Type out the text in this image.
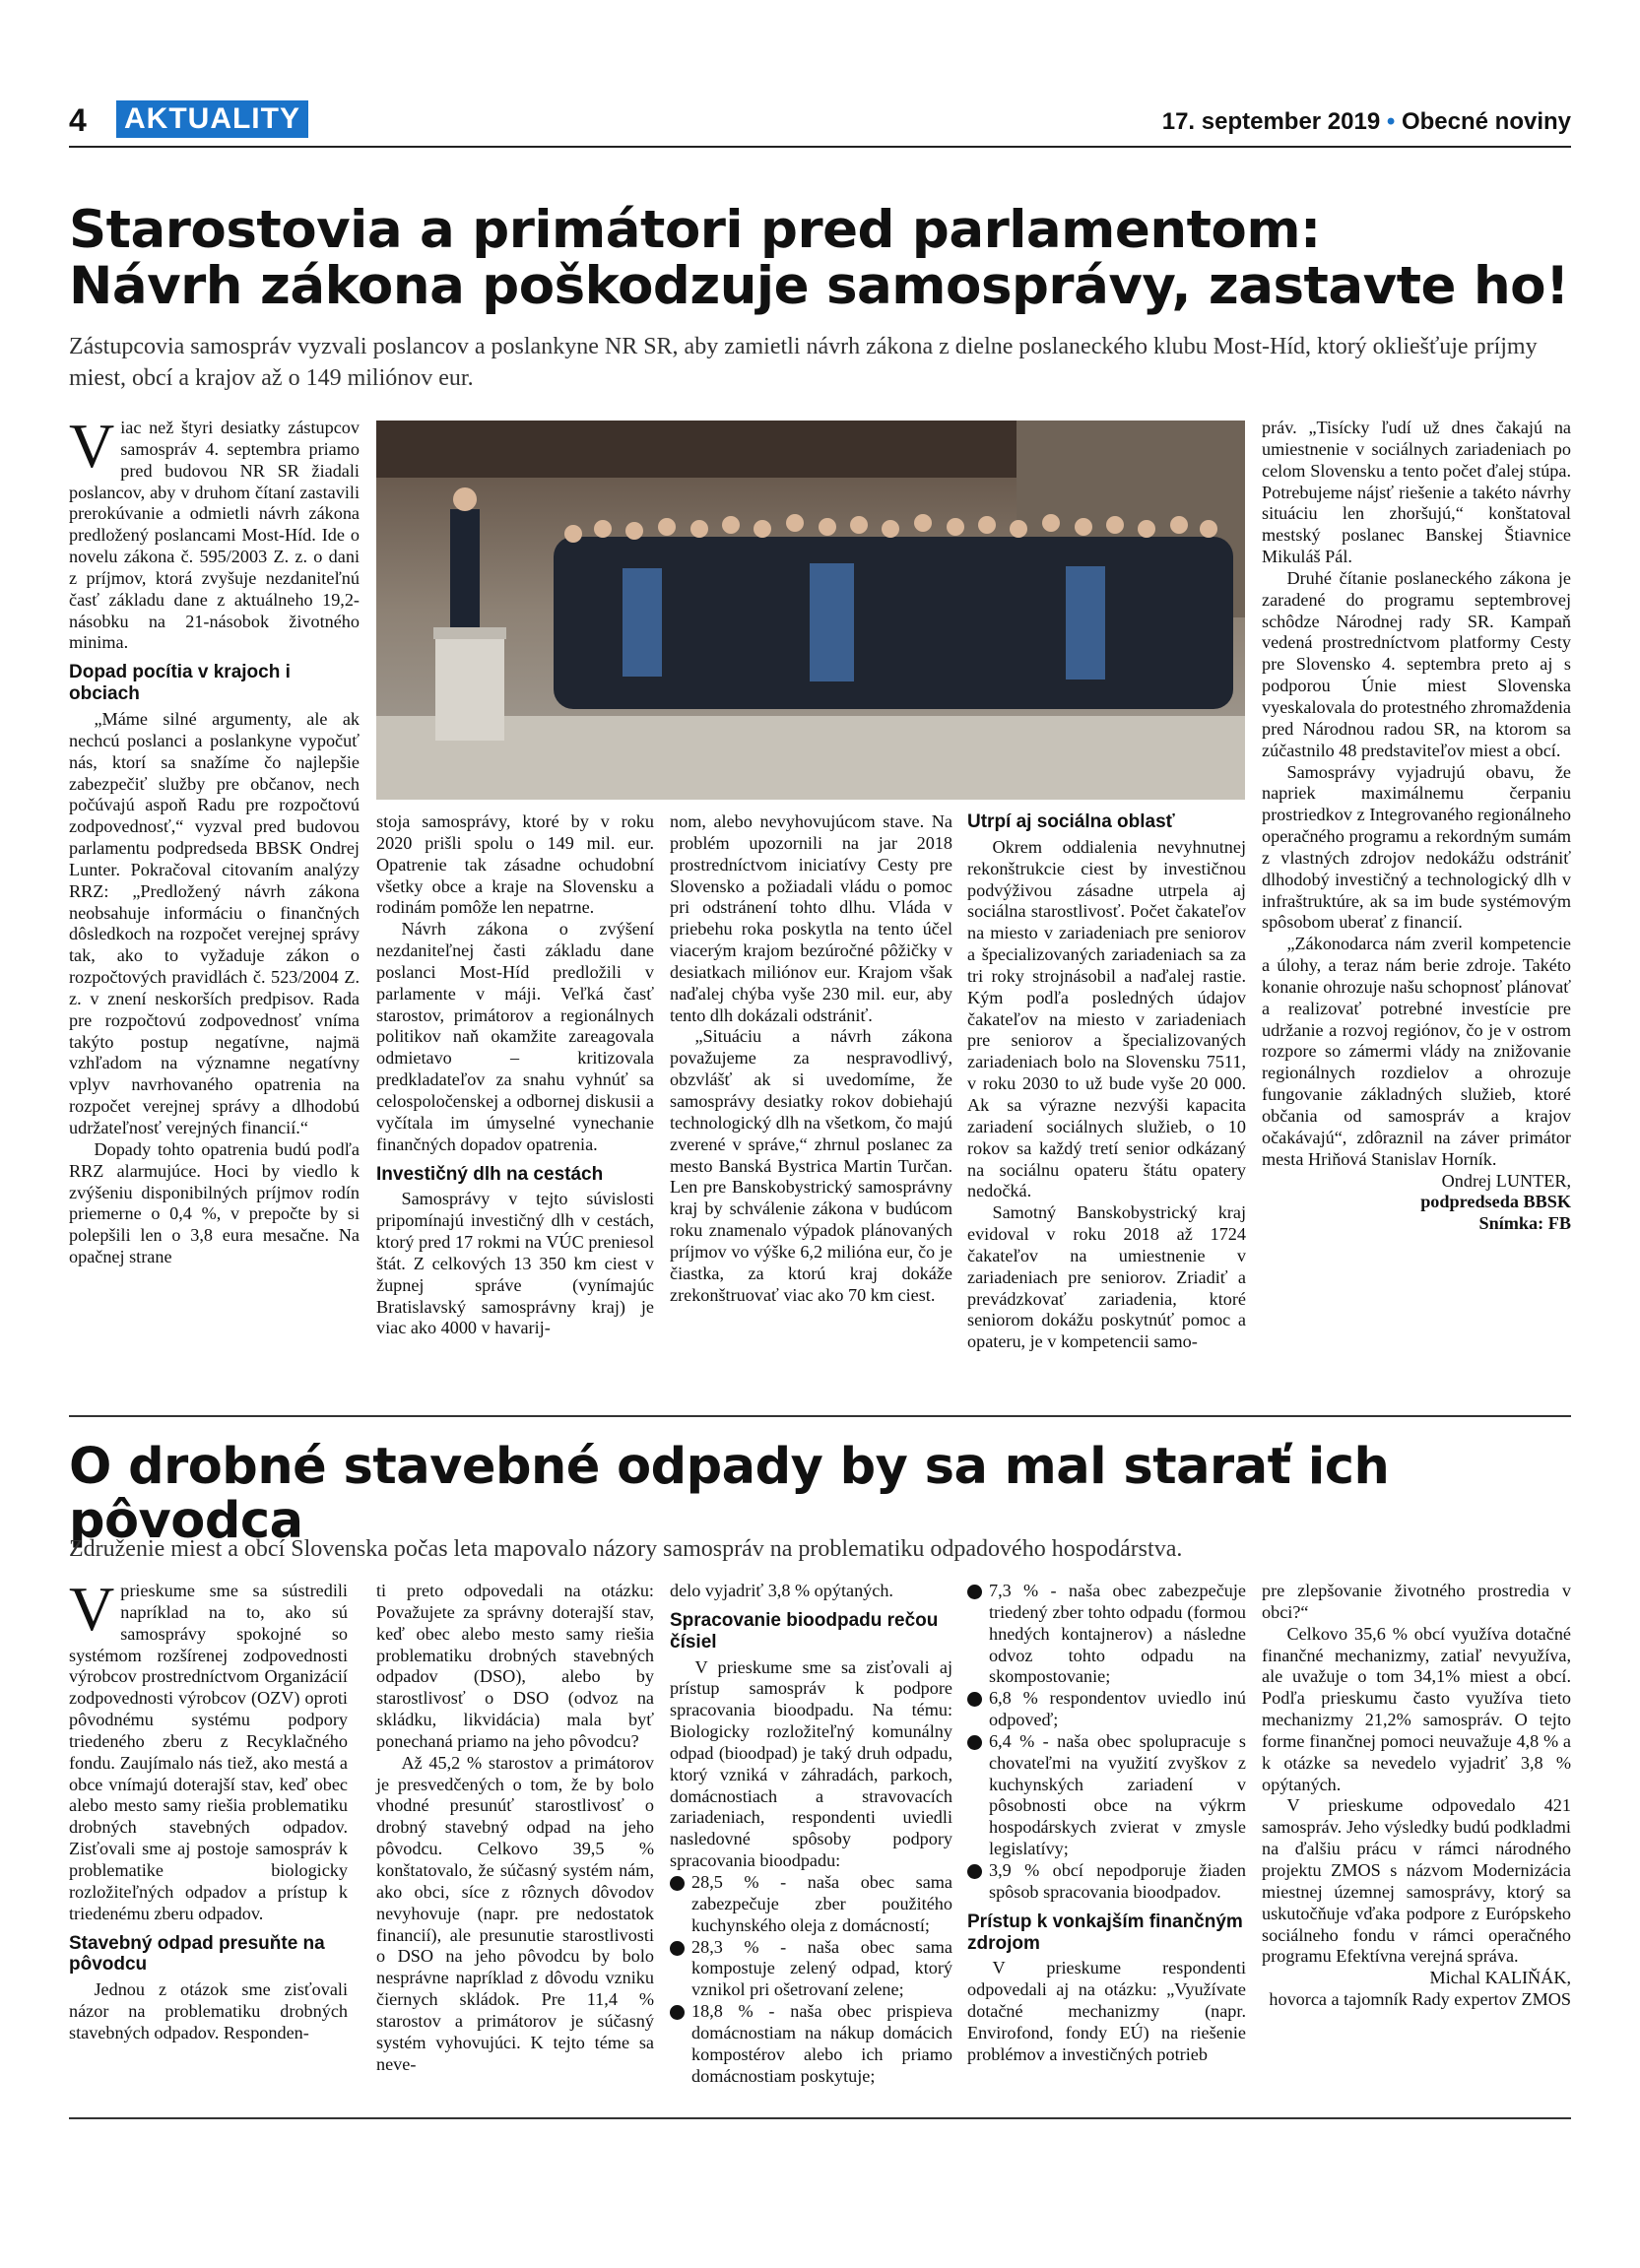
4 AKTUALITY	17. september 2019 • Obecné noviny
Starostovia a primátori pred parlamentom:
Návrh zákona poškodzuje samosprávy, zastavte ho!
Zástupcovia samospráv vyzvali poslancov a poslankyne NR SR, aby zamietli návrh zákona z dielne poslaneckého klubu Most-Híd, ktorý okliešťuje príjmy miest, obcí a krajov až o 149 miliónov eur.

Viac než štyri desiatky zástupcov samospráv 4. septembra priamo pred budovou NR SR žiadali poslancov, aby v druhom čítaní zastavili prerokúvanie a odmietli návrh zákona predložený poslancami Most-Híd. Ide o novelu zákona č. 595/2003 Z. z. o dani z príjmov, ktorá zvyšuje nezdaniteľnú časť základu dane z aktuálneho 19,2-násobku na 21-násobok životného minima.

Dopad pocítia v krajoch i obciach

„Máme silné argumenty, ale ak nechcú poslanci a poslankyne vypočuť nás, ktorí sa snažíme čo najlepšie zabezpečiť služby pre občanov, nech počúvajú aspoň Radu pre rozpočtovú zodpovednosť,“ vyzval pred budovou parlamentu podpredseda BBSK Ondrej Lunter. Pokračoval citovaním analýzy RRZ: „Predložený návrh zákona neobsahuje informáciu o finančných dôsledkoch na rozpočet verejnej správy tak, ako to vyžaduje zákon o rozpočtových pravidlách č. 523/2004 Z. z. v znení neskorších predpisov. Rada pre rozpočtovú zodpovednosť vníma takýto postup negatívne, najmä vzhľadom na významne negatívny vplyv navrhovaného opatrenia na rozpočet verejnej správy a dlhodobú udržateľnosť verejných financií.“

Dopady tohto opatrenia budú podľa RRZ alarmujúce. Hoci by viedlo k zvýšeniu disponibilných príjmov rodín priemerne o 0,4 %, v prepočte by si polepšili len o 3,8 eura mesačne. Na opačnej strane

stoja samosprávy, ktoré by v roku 2020 prišli spolu o 149 mil. eur. Opatrenie tak zásadne ochudobní všetky obce a kraje na Slovensku a rodinám pomôže len nepatrne.

Návrh zákona o zvýšení nezdaniteľnej časti základu dane poslanci Most-Híd predložili v parlamente v máji. Veľká časť starostov, primátorov a regionálnych politikov naň okamžite zareagovala odmietavo – kritizovala predkladateľov za snahu vyhnúť sa celospoločenskej a odbornej diskusii a vyčítala im úmyselné vynechanie finančných dopadov opatrenia.

Investičný dlh na cestách

Samosprávy v tejto súvislosti pripomínajú investičný dlh v cestách, ktorý pred 17 rokmi na VÚC preniesol štát. Z celkových 13 350 km ciest v župnej správe (vynímajúc Bratislavský samosprávny kraj) je viac ako 4000 v havarij-

nom, alebo nevyhovujúcom stave. Na problém upozornili na jar 2018 prostredníctvom iniciatívy Cesty pre Slovensko a požiadali vládu o pomoc pri odstránení tohto dlhu. Vláda v priebehu roka poskytla na tento účel viacerým krajom bezúročné pôžičky v desiatkach miliónov eur. Krajom však naďalej chýba vyše 230 mil. eur, aby tento dlh dokázali odstrániť.

„Situáciu a návrh zákona považujeme za nespravodlivý, obzvlášť ak si uvedomíme, že samosprávy desiatky rokov dobiehajú technologický dlh na všetkom, čo majú zverené v správe,“ zhrnul poslanec za mesto Banská Bystrica Martin Turčan. Len pre Banskobystrický samosprávny kraj by schválenie zákona v budúcom roku znamenalo výpadok plánovaných príjmov vo výške 6,2 milióna eur, čo je čiastka, za ktorú kraj dokáže zrekonštruovať viac ako 70 km ciest.

Utrpí aj sociálna oblasť

Okrem oddialenia nevyhnutnej rekonštrukcie ciest by investičnou podvýživou zásadne utrpela aj sociálna starostlivosť. Počet čakateľov na miesto v zariadeniach pre seniorov a špecializovaných zariadeniach sa za tri roky strojnásobil a naďalej rastie. Kým podľa posledných údajov čakateľov na miesto v zariadeniach pre seniorov a špecializovaných zariadeniach bolo na Slovensku 7511, v roku 2030 to už bude vyše 20 000. Ak sa výrazne nezvýši kapacita zariadení sociálnych služieb, o 10 rokov sa každý tretí senior odkázaný na sociálnu opateru štátu opatery nedočká.

Samotný Banskobystrický kraj evidoval v roku 2018 až 1724 čakateľov na umiestnenie v zariadeniach pre seniorov. Zriadiť a prevádzkovať zariadenia, ktoré seniorom dokážu poskytnúť pomoc a opateru, je v kompetencii samo-

práv. „Tisícky ľudí už dnes čakajú na umiestnenie v sociálnych zariadeniach po celom Slovensku a tento počet ďalej stúpa. Potrebujeme nájsť riešenie a takéto návrhy situáciu len zhoršujú,“ konštatoval mestský poslanec Banskej Štiavnice Mikuláš Pál.

Druhé čítanie poslaneckého zákona je zaradené do programu septembrovej schôdze Národnej rady SR. Kampaň vedená prostredníctvom platformy Cesty pre Slovensko 4. septembra preto aj s podporou Únie miest Slovenska vyeskalovala do protestného zhromaždenia pred Národnou radou SR, na ktorom sa zúčastnilo 48 predstaviteľov miest a obcí.

Samosprávy vyjadrujú obavu, že napriek maximálnemu čerpaniu prostriedkov z Integrovaného regionálneho operačného programu a rekordným sumám z vlastných zdrojov nedokážu odstrániť dlhodobý investičný a technologický dlh v infraštruktúre, ak sa im bude systémovým spôsobom uberať z financií.

„Zákonodarca nám zveril kompetencie a úlohy, a teraz nám berie zdroje. Takéto konanie ohrozuje našu schopnosť plánovať a realizovať potrebné investície pre udržanie a rozvoj regiónov, čo je v ostrom rozpore so zámermi vlády na znižovanie regionálnych rozdielov a ohrozuje fungovanie základných služieb, ktoré občania od samospráv a krajov očakávajú“, zdôraznil na záver primátor mesta Hriňová Stanislav Horník.

Ondrej LUNTER,

podpredseda BBSK

Snímka: FB

O drobné stavebné odpady by sa mal starať ich pôvodca
Združenie miest a obcí Slovenska počas leta mapovalo názory samospráv na problematiku odpadového hospodárstva.

Vprieskume sme sa sústredili napríklad na to, ako sú samosprávy spokojné so systémom rozšírenej zodpovednosti výrobcov prostredníctvom Organizácií zodpovednosti výrobcov (OZV) oproti pôvodnému systému podpory triedeného zberu z Recyklačného fondu. Zaujímalo nás tiež, ako mestá a obce vnímajú doterajší stav, keď obec alebo mesto samy riešia problematiku drobných stavebných odpadov. Zisťovali sme aj postoje samospráv k problematike biologicky rozložiteľných odpadov a prístup k triedenému zberu odpadov.

Stavebný odpad presuňte na pôvodcu

Jednou z otázok sme zisťovali názor na problematiku drobných stavebných odpadov. Responden-

ti preto odpovedali na otázku: Považujete za správny doterajší stav, keď obec alebo mesto samy riešia problematiku drobných stavebných odpadov (DSO), alebo by starostlivosť o DSO (odvoz na skládku, likvidácia) mala byť ponechaná priamo na jeho pôvodcu?

Až 45,2 % starostov a primátorov je presvedčených o tom, že by bolo vhodné presunúť starostlivosť o drobný stavebný odpad na jeho pôvodcu. Celkovo 39,5 % konštatovalo, že súčasný systém nám, ako obci, síce z rôznych dôvodov nevyhovuje (napr. pre nedostatok financií), ale presunutie starostlivosti o DSO na jeho pôvodcu by bolo nesprávne napríklad z dôvodu vzniku čiernych skládok. Pre 11,4 % starostov a primátorov je súčasný systém vyhovujúci. K tejto téme sa neve-

delo vyjadriť 3,8 % opýtaných.

Spracovanie bioodpadu rečou čísiel

V prieskume sme sa zisťovali aj prístup samospráv k podpore spracovania bioodpadu. Na tému: Biologicky rozložiteľný komunálny odpad (bioodpad) je taký druh odpadu, ktorý vzniká v záhradách, parkoch, domácnostiach a stravovacích zariadeniach, respondenti uviedli nasledovné spôsoby podpory spracovania bioodpadu:

28,5 % - naša obec sama zabezpečuje zber použitého kuchynského oleja z domácností;

28,3 % - naša obec sama kompostuje zelený odpad, ktorý vznikol pri ošetrovaní zelene;

18,8 % - naša obec prispieva domácnostiam na nákup domácich kompostérov alebo ich priamo domácnostiam poskytuje;

7,3 % - naša obec zabezpečuje triedený zber tohto odpadu (formou hnedých kontajnerov) a následne odvoz tohto odpadu na skompostovanie;

6,8 % respondentov uviedlo inú odpoveď;

6,4 % - naša obec spolupracuje s chovateľmi na využití zvyškov z kuchynských zariadení v pôsobnosti obce na výkrm hospodárskych zvierat v zmysle legislatívy;

3,9 % obcí nepodporuje žiaden spôsob spracovania bioodpadov.

Prístup k vonkajším finančným zdrojom

V prieskume respondenti odpovedali aj na otázku: „Využívate dotačné mechanizmy (napr. Envirofond, fondy EÚ) na riešenie problémov a investičných potrieb

pre zlepšovanie životného prostredia v obci?“

Celkovo 35,6 % obcí využíva dotačné finančné mechanizmy, zatiaľ nevyužíva, ale uvažuje o tom 34,1% miest a obcí. Podľa prieskumu často využíva tieto mechanizmy 21,2% samospráv. O tejto forme finančnej pomoci neuvažuje 4,8 % a k otázke sa nevedelo vyjadriť 3,8 % opýtaných.

V prieskume odpovedalo 421 samospráv. Jeho výsledky budú podkladmi na ďalšiu prácu v rámci národného projektu ZMOS s názvom Modernizácia miestnej územnej samosprávy, ktorý sa uskutočňuje vďaka podpore z Európskeho sociálneho fondu v rámci operačného programu Efektívna verejná správa.

Michal KALIŇÁK,

hovorca a tajomník Rady expertov ZMOS
